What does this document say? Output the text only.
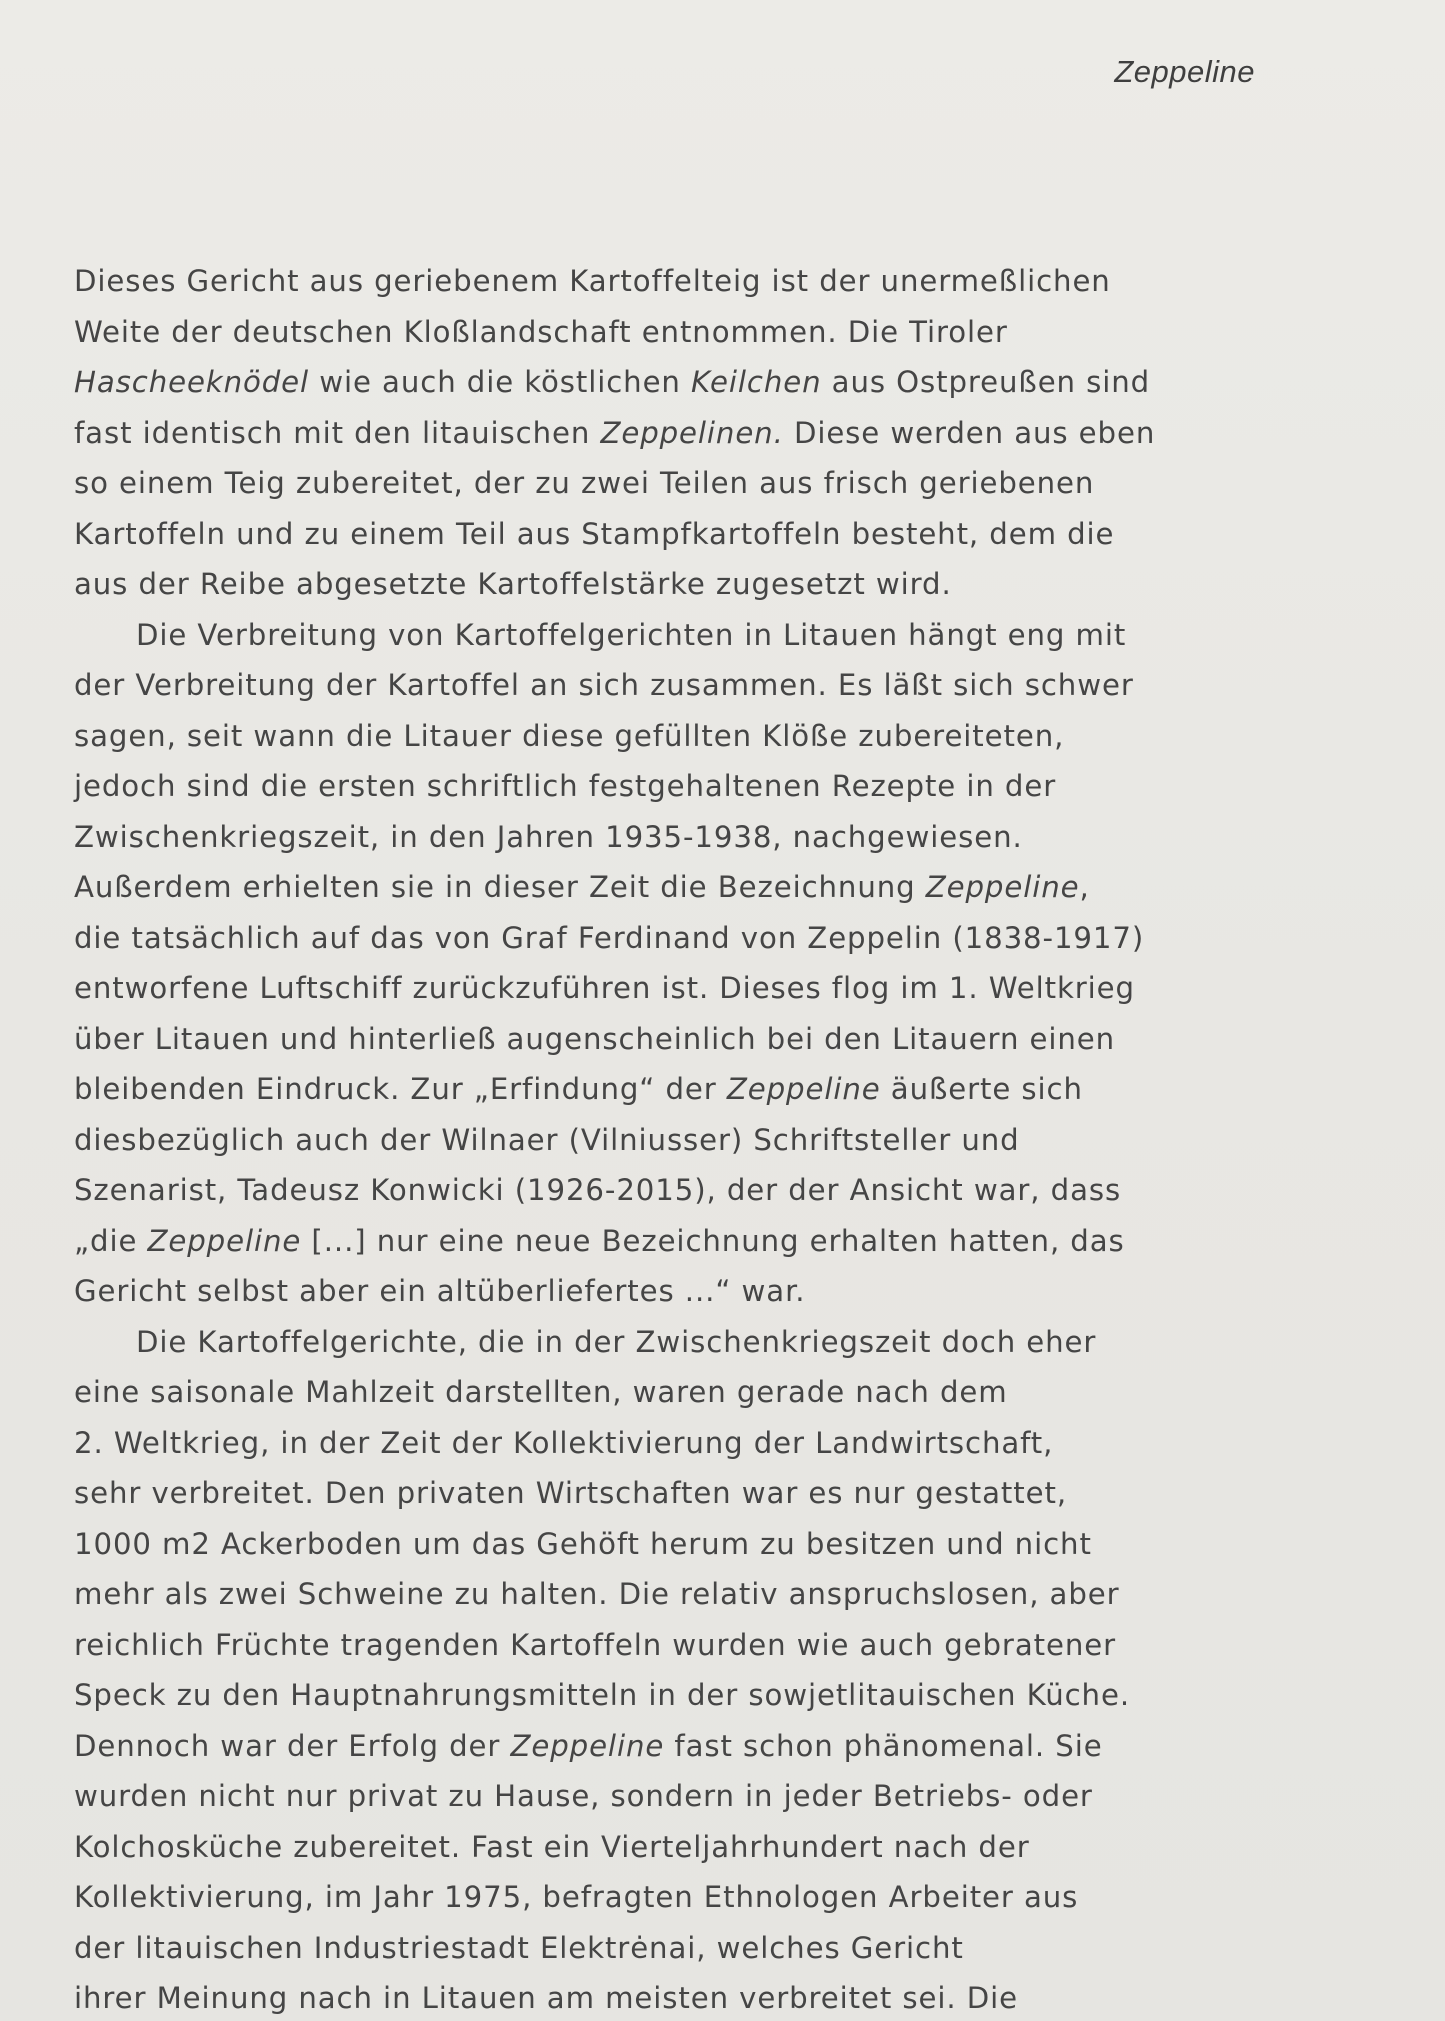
Zeppeline
Dieses Gericht aus geriebenem Kartoffelteig ist der unermeßlichen
Weite der deutschen Kloßlandschaft entnommen. Die Tiroler
Hascheeknödel wie auch die köstlichen Keilchen aus Ostpreußen sind
fast identisch mit den litauischen Zeppelinen. Diese werden aus eben
so einem Teig zubereitet, der zu zwei Teilen aus frisch geriebenen
Kartoffeln und zu einem Teil aus Stampfkartoffeln besteht, dem die
aus der Reibe abgesetzte Kartoffelstärke zugesetzt wird.
Die Verbreitung von Kartoffelgerichten in Litauen hängt eng mit
der Verbreitung der Kartoffel an sich zusammen. Es läßt sich schwer
sagen, seit wann die Litauer diese gefüllten Klöße zubereiteten,
jedoch sind die ersten schriftlich festgehaltenen Rezepte in der
Zwischenkriegszeit, in den Jahren 1935-1938, nachgewiesen.
Außerdem erhielten sie in dieser Zeit die Bezeichnung Zeppeline,
die tatsächlich auf das von Graf Ferdinand von Zeppelin (1838-1917)
entworfene Luftschiff zurückzuführen ist. Dieses flog im 1. Weltkrieg
über Litauen und hinterließ augenscheinlich bei den Litauern einen
bleibenden Eindruck. Zur „Erfindung“ der Zeppeline äußerte sich
diesbezüglich auch der Wilnaer (Vilniusser) Schriftsteller und
Szenarist, Tadeusz Konwicki (1926-2015), der der Ansicht war, dass
„die Zeppeline [...] nur eine neue Bezeichnung erhalten hatten, das
Gericht selbst aber ein altüberliefertes ...“ war.
Die Kartoffelgerichte, die in der Zwischenkriegszeit doch eher
eine saisonale Mahlzeit darstellten, waren gerade nach dem
2. Weltkrieg, in der Zeit der Kollektivierung der Landwirtschaft,
sehr verbreitet. Den privaten Wirtschaften war es nur gestattet,
1000 m2 Ackerboden um das Gehöft herum zu besitzen und nicht
mehr als zwei Schweine zu halten. Die relativ anspruchslosen, aber
reichlich Früchte tragenden Kartoffeln wurden wie auch gebratener
Speck zu den Hauptnahrungsmitteln in der sowjetlitauischen Küche.
Dennoch war der Erfolg der Zeppeline fast schon phänomenal. Sie
wurden nicht nur privat zu Hause, sondern in jeder Betriebs- oder
Kolchosküche zubereitet. Fast ein Vierteljahrhundert nach der
Kollektivierung, im Jahr 1975, befragten Ethnologen Arbeiter aus
der litauischen Industriestadt Elektrėnai, welches Gericht
ihrer Meinung nach in Litauen am meisten verbreitet sei. Die
